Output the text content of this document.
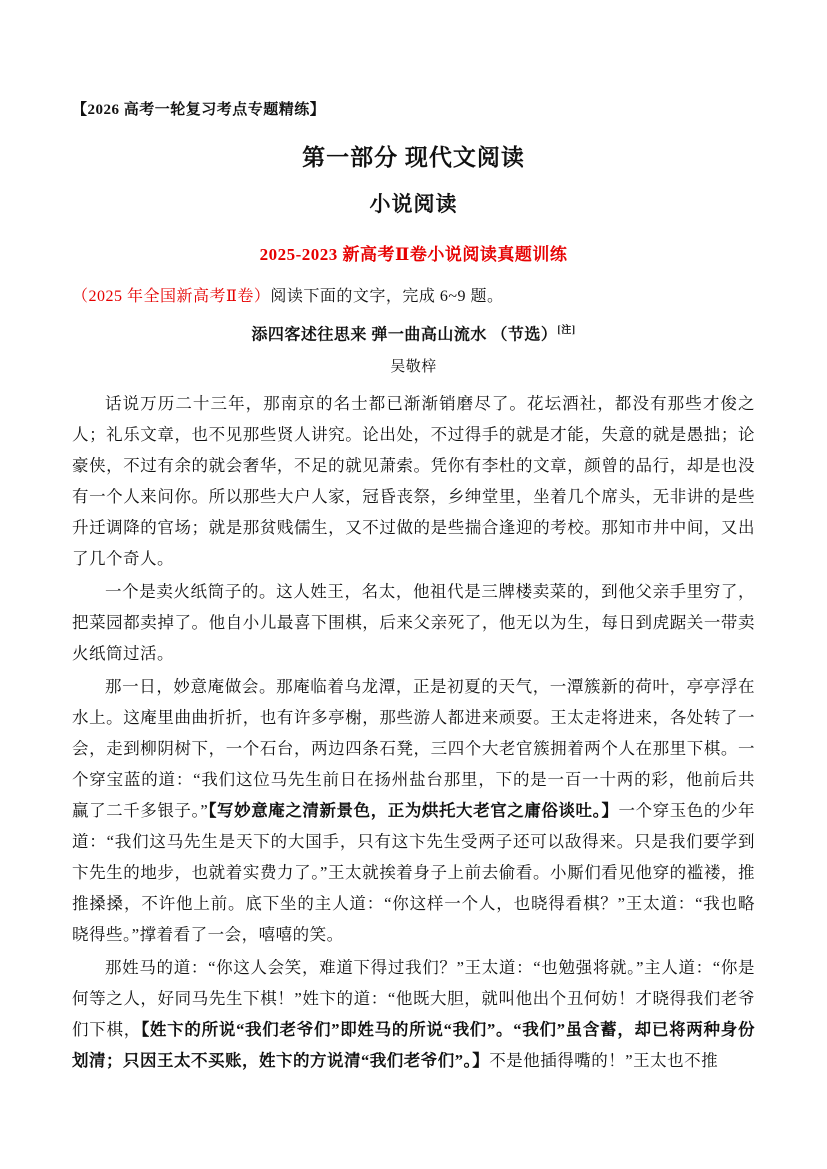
【2026 高考一轮复习考点专题精练】
第一部分 现代文阅读
小说阅读
2025-2023 新高考Ⅱ卷小说阅读真题训练
（2025 年全国新高考Ⅱ卷）阅读下面的文字，完成 6~9 题。
添四客述往思来 弹一曲高山流水 （节选）[注]
吴敬梓

话说万历二十三年，那南京的名士都已渐渐销磨尽了。花坛酒社，都没有那些才俊之人；礼乐文章，也不见那些贤人讲究。论出处，不过得手的就是才能，失意的就是愚拙；论豪侠，不过有余的就会奢华，不足的就见萧索。凭你有李杜的文章，颜曾的品行，却是也没有一个人来问你。所以那些大户人家，冠昏丧祭，乡绅堂里，坐着几个席头，无非讲的是些升迁调降的官场；就是那贫贱儒生，又不过做的是些揣合逢迎的考校。那知市井中间，又出了几个奇人。

一个是卖火纸筒子的。这人姓王，名太，他祖代是三牌楼卖菜的，到他父亲手里穷了，把菜园都卖掉了。他自小儿最喜下围棋，后来父亲死了，他无以为生，每日到虎踞关一带卖火纸筒过活。

那一日，妙意庵做会。那庵临着乌龙潭，正是初夏的天气，一潭簇新的荷叶，亭亭浮在水上。这庵里曲曲折折，也有许多亭榭，那些游人都进来顽耍。王太走将进来，各处转了一会，走到柳阴树下，一个石台，两边四条石凳，三四个大老官簇拥着两个人在那里下棋。一个穿宝蓝的道：“我们这位马先生前日在扬州盐台那里，下的是一百一十两的彩，他前后共赢了二千多银子。”【写妙意庵之清新景色，正为烘托大老官之庸俗谈吐。】一个穿玉色的少年道：“我们这马先生是天下的大国手，只有这卞先生受两子还可以敌得来。只是我们要学到卞先生的地步，也就着实费力了。”王太就挨着身子上前去偷看。小厮们看见他穿的褴褛，推推搡搡，不许他上前。底下坐的主人道：“你这样一个人，也晓得看棋？”王太道：“我也略晓得些。”撑着看了一会，嘻嘻的笑。

那姓马的道：“你这人会笑，难道下得过我们？”王太道：“也勉强将就。”主人道：“你是何等之人，好同马先生下棋！”姓卞的道：“他既大胆，就叫他出个丑何妨！才晓得我们老爷们下棋，【姓卞的所说“我们老爷们”即姓马的所说“我们”。“我们”虽含蓄，却已将两种身份划清；只因王太不买账，姓卞的方说清“我们老爷们”。】不是他插得嘴的！”王太也不推
